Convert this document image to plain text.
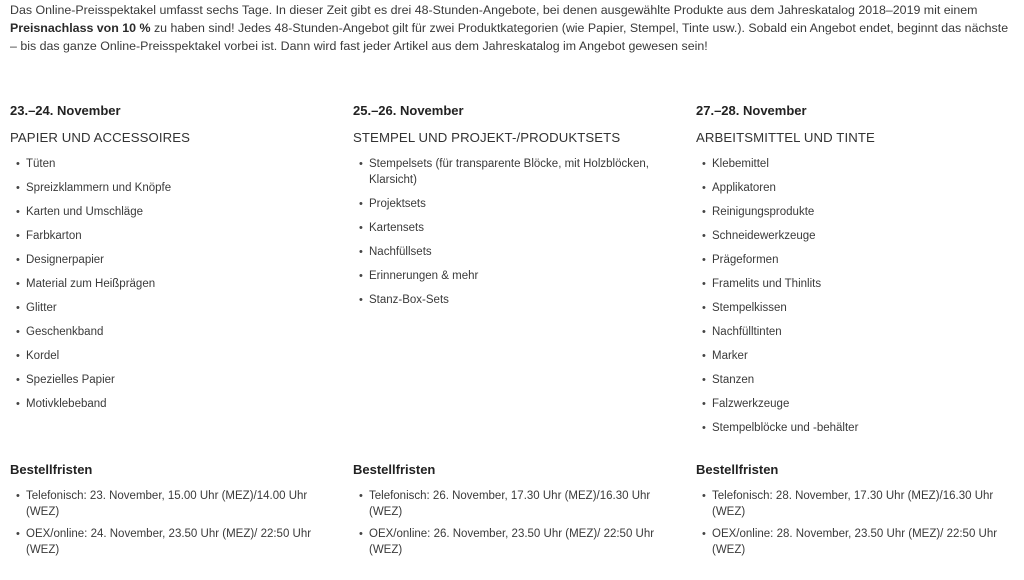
Das Online-Preisspektakel umfasst sechs Tage. In dieser Zeit gibt es drei 48-Stunden-Angebote, bei denen ausgewählte Produkte aus dem Jahreskatalog 2018–2019 mit einem Preisnachlass von 10 % zu haben sind! Jedes 48-Stunden-Angebot gilt für zwei Produktkategorien (wie Papier, Stempel, Tinte usw.). Sobald ein Angebot endet, beginnt das nächste – bis das ganze Online-Preisspektakel vorbei ist. Dann wird fast jeder Artikel aus dem Jahreskatalog im Angebot gewesen sein!
23.–24. November
PAPIER UND ACCESSOIRES
• Tüten
• Spreizklammern und Knöpfe
• Karten und Umschläge
• Farbkarton
• Designerpapier
• Material zum Heißprägen
• Glitter
• Geschenkband
• Kordel
• Spezielles Papier
• Motivklebeband
25.–26. November
STEMPEL UND PROJEKT-/PRODUKTSETS
• Stempelsets (für transparente Blöcke, mit Holzblöcken, Klarsicht)
• Projektsets
• Kartensets
• Nachfüllsets
• Erinnerungen & mehr
• Stanz-Box-Sets
27.–28. November
ARBEITSMITTEL UND TINTE
• Klebemittel
• Applikatoren
• Reinigungsprodukte
• Schneidewerkzeuge
• Prägeformen
• Framelits und Thinlits
• Stempelkissen
• Nachfülltinten
• Marker
• Stanzen
• Falzwerkzeuge
• Stempelblöcke und -behälter
Bestellfristen
• Telefonisch: 23. November, 15.00 Uhr (MEZ)/14.00 Uhr (WEZ)
• OEX/online: 24. November, 23.50 Uhr (MEZ)/ 22:50 Uhr (WEZ)
Bestellfristen
• Telefonisch: 26. November, 17.30 Uhr (MEZ)/16.30 Uhr (WEZ)
• OEX/online: 26. November, 23.50 Uhr (MEZ)/ 22:50 Uhr (WEZ)
Bestellfristen
• Telefonisch: 28. November, 17.30 Uhr (MEZ)/16.30 Uhr (WEZ)
• OEX/online: 28. November, 23.50 Uhr (MEZ)/ 22:50 Uhr (WEZ)
